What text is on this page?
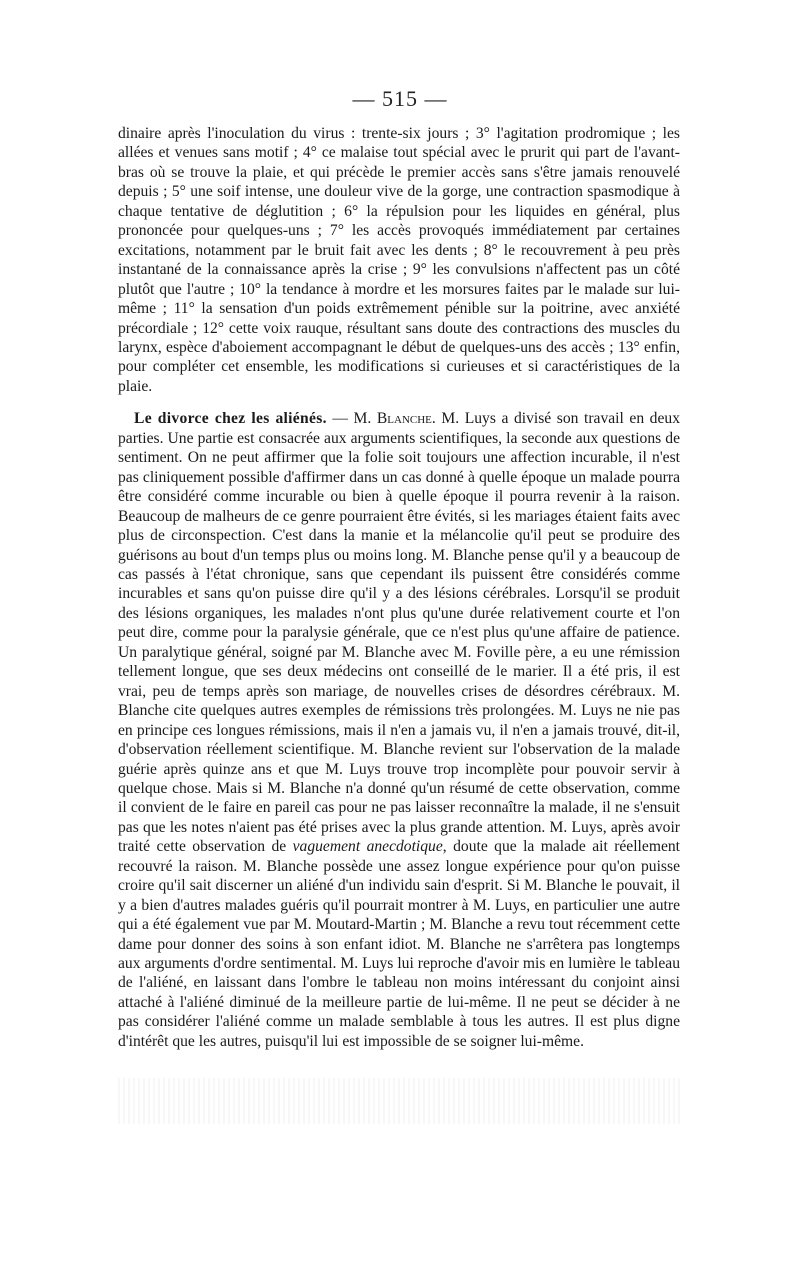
— 515 —

dinaire après l'inoculation du virus : trente-six jours ; 3° l'agitation prodromique ; les allées et venues sans motif ; 4° ce malaise tout spécial avec le prurit qui part de l'avant-bras où se trouve la plaie, et qui précède le premier accès sans s'être jamais renouvelé depuis ; 5° une soif intense, une douleur vive de la gorge, une contraction spasmodique à chaque tentative de déglutition ; 6° la répulsion pour les liquides en général, plus prononcée pour quelques-uns ; 7° les accès provoqués immédiatement par certaines excitations, notamment par le bruit fait avec les dents ; 8° le recouvrement à peu près instantané de la connaissance après la crise ; 9° les convulsions n'affectent pas un côté plutôt que l'autre ; 10° la tendance à mordre et les morsures faites par le malade sur lui-même ; 11° la sensation d'un poids extrêmement pénible sur la poitrine, avec anxiété précordiale ; 12° cette voix rauque, résultant sans doute des contractions des muscles du larynx, espèce d'aboiement accompagnant le début de quelques-uns des accès ; 13° enfin, pour compléter cet ensemble, les modifications si curieuses et si caractéristiques de la plaie.

Le divorce chez les aliénés. — M. Blanche. M. Luys a divisé son travail en deux parties. Une partie est consacrée aux arguments scientifiques, la seconde aux questions de sentiment. On ne peut affirmer que la folie soit toujours une affection incurable, il n'est pas cliniquement possible d'affirmer dans un cas donné à quelle époque un malade pourra être considéré comme incurable ou bien à quelle époque il pourra revenir à la raison. Beaucoup de malheurs de ce genre pourraient être évités, si les mariages étaient faits avec plus de circonspection. C'est dans la manie et la mélancolie qu'il peut se produire des guérisons au bout d'un temps plus ou moins long. M. Blanche pense qu'il y a beaucoup de cas passés à l'état chronique, sans que cependant ils puissent être considérés comme incurables et sans qu'on puisse dire qu'il y a des lésions cérébrales. Lorsqu'il se produit des lésions organiques, les malades n'ont plus qu'une durée relativement courte et l'on peut dire, comme pour la paralysie générale, que ce n'est plus qu'une affaire de patience. Un paralytique général, soigné par M. Blanche avec M. Foville père, a eu une rémission tellement longue, que ses deux médecins ont conseillé de le marier. Il a été pris, il est vrai, peu de temps après son mariage, de nouvelles crises de désordres cérébraux. M. Blanche cite quelques autres exemples de rémissions très prolongées. M. Luys ne nie pas en principe ces longues rémissions, mais il n'en a jamais vu, il n'en a jamais trouvé, dit-il, d'observation réellement scientifique. M. Blanche revient sur l'observation de la malade guérie après quinze ans et que M. Luys trouve trop incomplète pour pouvoir servir à quelque chose. Mais si M. Blanche n'a donné qu'un résumé de cette observation, comme il convient de le faire en pareil cas pour ne pas laisser reconnaître la malade, il ne s'ensuit pas que les notes n'aient pas été prises avec la plus grande attention. M. Luys, après avoir traité cette observation de vaguement anecdotique, doute que la malade ait réellement recouvré la raison. M. Blanche possède une assez longue expérience pour qu'on puisse croire qu'il sait discerner un aliéné d'un individu sain d'esprit. Si M. Blanche le pouvait, il y a bien d'autres malades guéris qu'il pourrait montrer à M. Luys, en particulier une autre qui a été également vue par M. Moutard-Martin ; M. Blanche a revu tout récemment cette dame pour donner des soins à son enfant idiot. M. Blanche ne s'arrêtera pas longtemps aux arguments d'ordre sentimental. M. Luys lui reproche d'avoir mis en lumière le tableau de l'aliéné, en laissant dans l'ombre le tableau non moins intéressant du conjoint ainsi attaché à l'aliéné diminué de la meilleure partie de lui-même. Il ne peut se décider à ne pas considérer l'aliéné comme un malade semblable à tous les autres. Il est plus digne d'intérêt que les autres, puisqu'il lui est impossible de se soigner lui-même.
